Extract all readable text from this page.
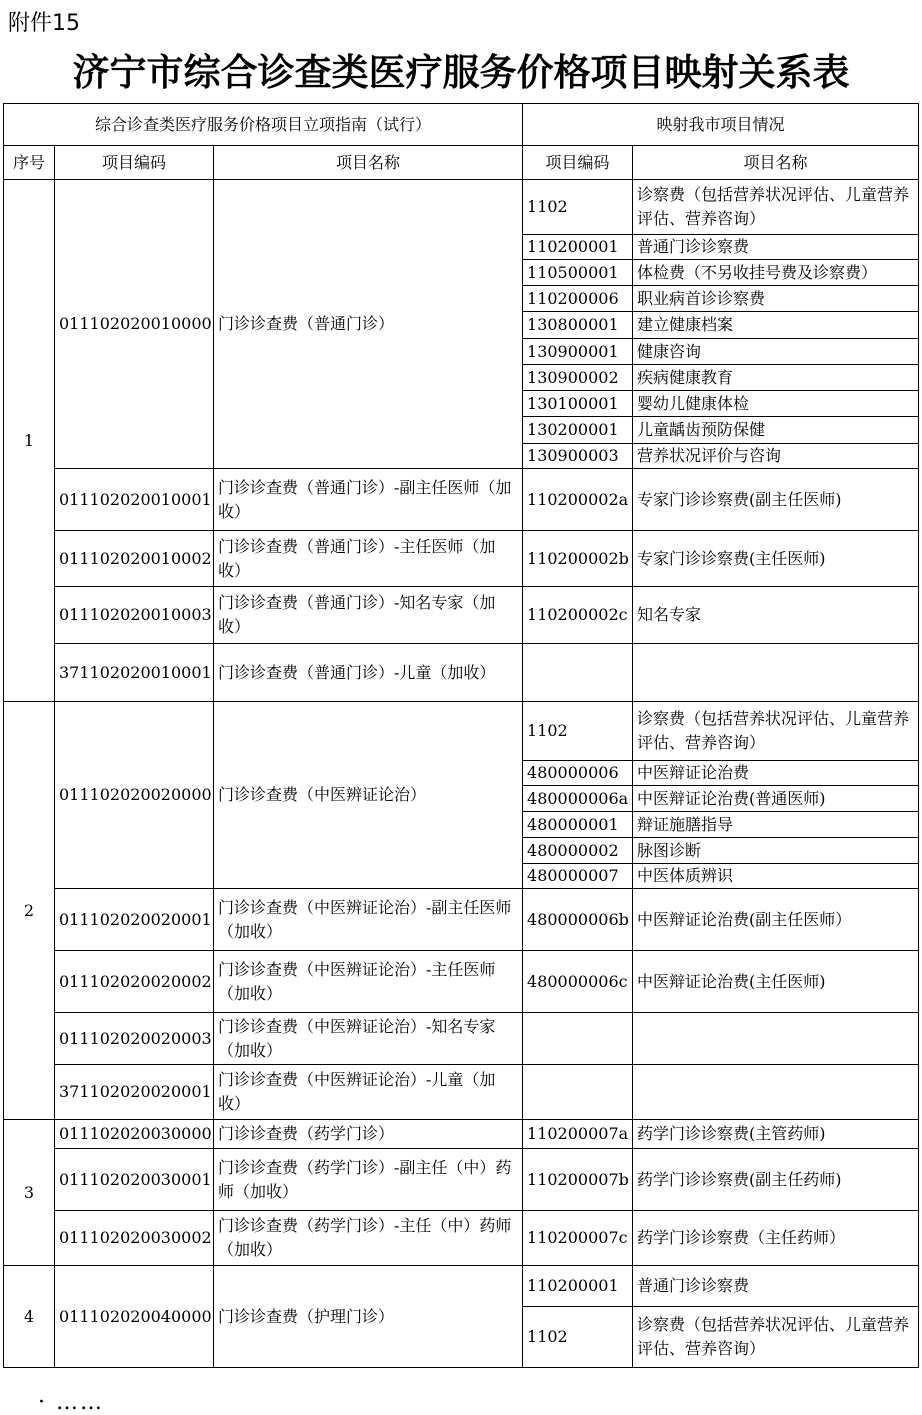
附件15
济宁市综合诊查类医疗服务价格项目映射关系表
综合诊查类医疗服务价格项目立项指南（试行）			映射我市项目情况	
序号	项目编码	项目名称	项目编码	项目名称
1	011102020010000	门诊诊查费（普通门诊）	1102	诊察费（包括营养状况评估、儿童营养评估、营养咨询）
			110200001	普通门诊诊察费
			110500001	体检费（不另收挂号费及诊察费）
			110200006	职业病首诊诊察费
			130800001	建立健康档案
			130900001	健康咨询
			130900002	疾病健康教育
			130100001	婴幼儿健康体检
			130200001	儿童龋齿预防保健
			130900003	营养状况评价与咨询
	011102020010001	门诊诊查费（普通门诊）-副主任医师（加收）	110200002a	专家门诊诊察费(副主任医师)
	011102020010002	门诊诊查费（普通门诊）-主任医师（加收）	110200002b	专家门诊诊察费(主任医师)
	011102020010003	门诊诊查费（普通门诊）-知名专家（加收）	110200002c	知名专家
	371102020010001	门诊诊查费（普通门诊）-儿童（加收）		
2	011102020020000	门诊诊查费（中医辨证论治）	1102	诊察费（包括营养状况评估、儿童营养评估、营养咨询）
			480000006	中医辩证论治费
			480000006a	中医辩证论治费(普通医师)
			480000001	辩证施膳指导
			480000002	脉图诊断
			480000007	中医体质辨识
	011102020020001	门诊诊查费（中医辨证论治）-副主任医师（加收）	480000006b	中医辩证论治费(副主任医师）
	011102020020002	门诊诊查费（中医辨证论治）-主任医师（加收）	480000006c	中医辩证论治费(主任医师)
	011102020020003	门诊诊查费（中医辨证论治）-知名专家（加收）		
	371102020020001	门诊诊查费（中医辨证论治）-儿童（加收）		
3	011102020030000	门诊诊查费（药学门诊）	110200007a	药学门诊诊察费(主管药师)
	011102020030001	门诊诊查费（药学门诊）-副主任（中）药师（加收）	110200007b	药学门诊诊察费(副主任药师)
	011102020030002	门诊诊查费（药学门诊）-主任（中）药师（加收）	110200007c	药学门诊诊察费（主任药师）
4	011102020040000	门诊诊查费（护理门诊）	110200001	普通门诊诊察费
			1102	诊察费（包括营养状况评估、儿童营养评估、营养咨询）
· ……
